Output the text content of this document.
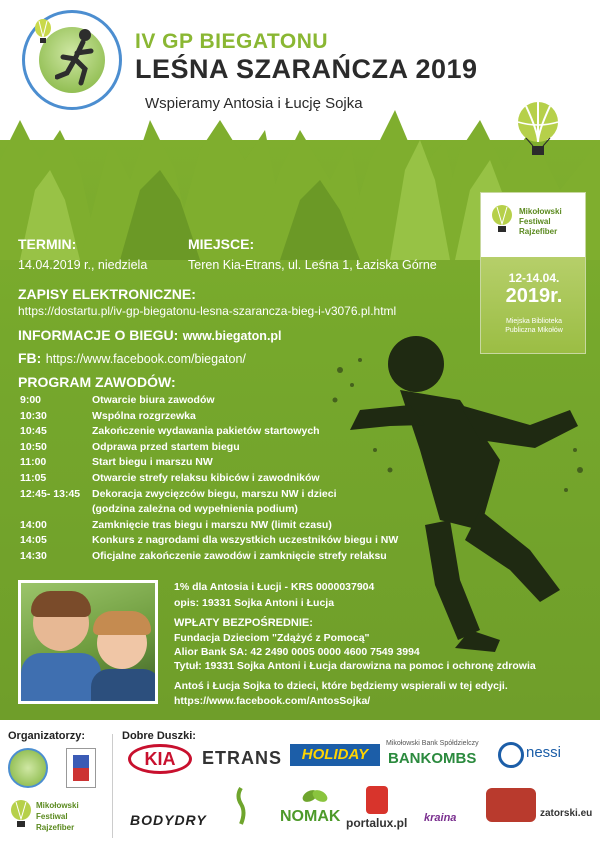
IV GP BIEGATONU
LEŚNA SZARAŃCZA 2019
Wspieramy Antosia i Łucję Sojka
Mikołowski Festiwal Rajzefiber
12-14.04.
2019r.
Miejska Biblioteka Publiczna Mikołów
TERMIN:
14.04.2019 r., niedziela
MIEJSCE:
Teren Kia-Etrans, ul. Leśna 1, Łaziska Górne
ZAPISY ELEKTRONICZNE:
https://dostartu.pl/iv-gp-biegatonu-lesna-szarancza-bieg-i-v3076.pl.html
INFORMACJE O BIEGU: www.biegaton.pl
FB: https://www.facebook.com/biegaton/
PROGRAM ZAWODÓW:
9:00	Otwarcie biura zawodów
10:30	Wspólna rozgrzewka
10:45	Zakończenie wydawania pakietów startowych
10:50	Odprawa przed startem biegu
11:00	Start biegu i marszu NW
11:05	Otwarcie strefy relaksu kibiców i zawodników
12:45- 13:45 Dekoracja zwycięzców biegu, marszu NW i dzieci
(godzina zależna od wypełnienia podium)
14:00	Zamknięcie tras biegu i marszu NW (limit czasu)
14:05	Konkurs z nagrodami dla wszystkich uczestników biegu i NW
14:30	Oficjalne zakończenie zawodów i zamknięcie strefy relaksu
1% dla Antosia i Łucji - KRS 0000037904
opis: 19331 Sojka Antoni i Łucja
WPŁATY BEZPOŚREDNIE:
Fundacja Dzieciom "Zdążyć z Pomocą"
Alior Bank SA: 42 2490 0005 0000 4600 7549 3994
Tytuł: 19331 Sojka Antoni i Łucja darowizna na pomoc i ochronę zdrowia
Antoś i Łucja Sojka to dzieci, które będziemy wspierali w tej edycji.
https://www.facebook.com/AntosSojka/
Organizatorzy:	Dobre Duszki:
Mikołowski Festiwal Rajzefiber
KIA	ETRANS	HOLIDAY
Mikołowski Bank Spółdzielczy
BANKOMBS	nessi
BODYDRY	NOMAK portalux.pl kraina	zatorski.eu
